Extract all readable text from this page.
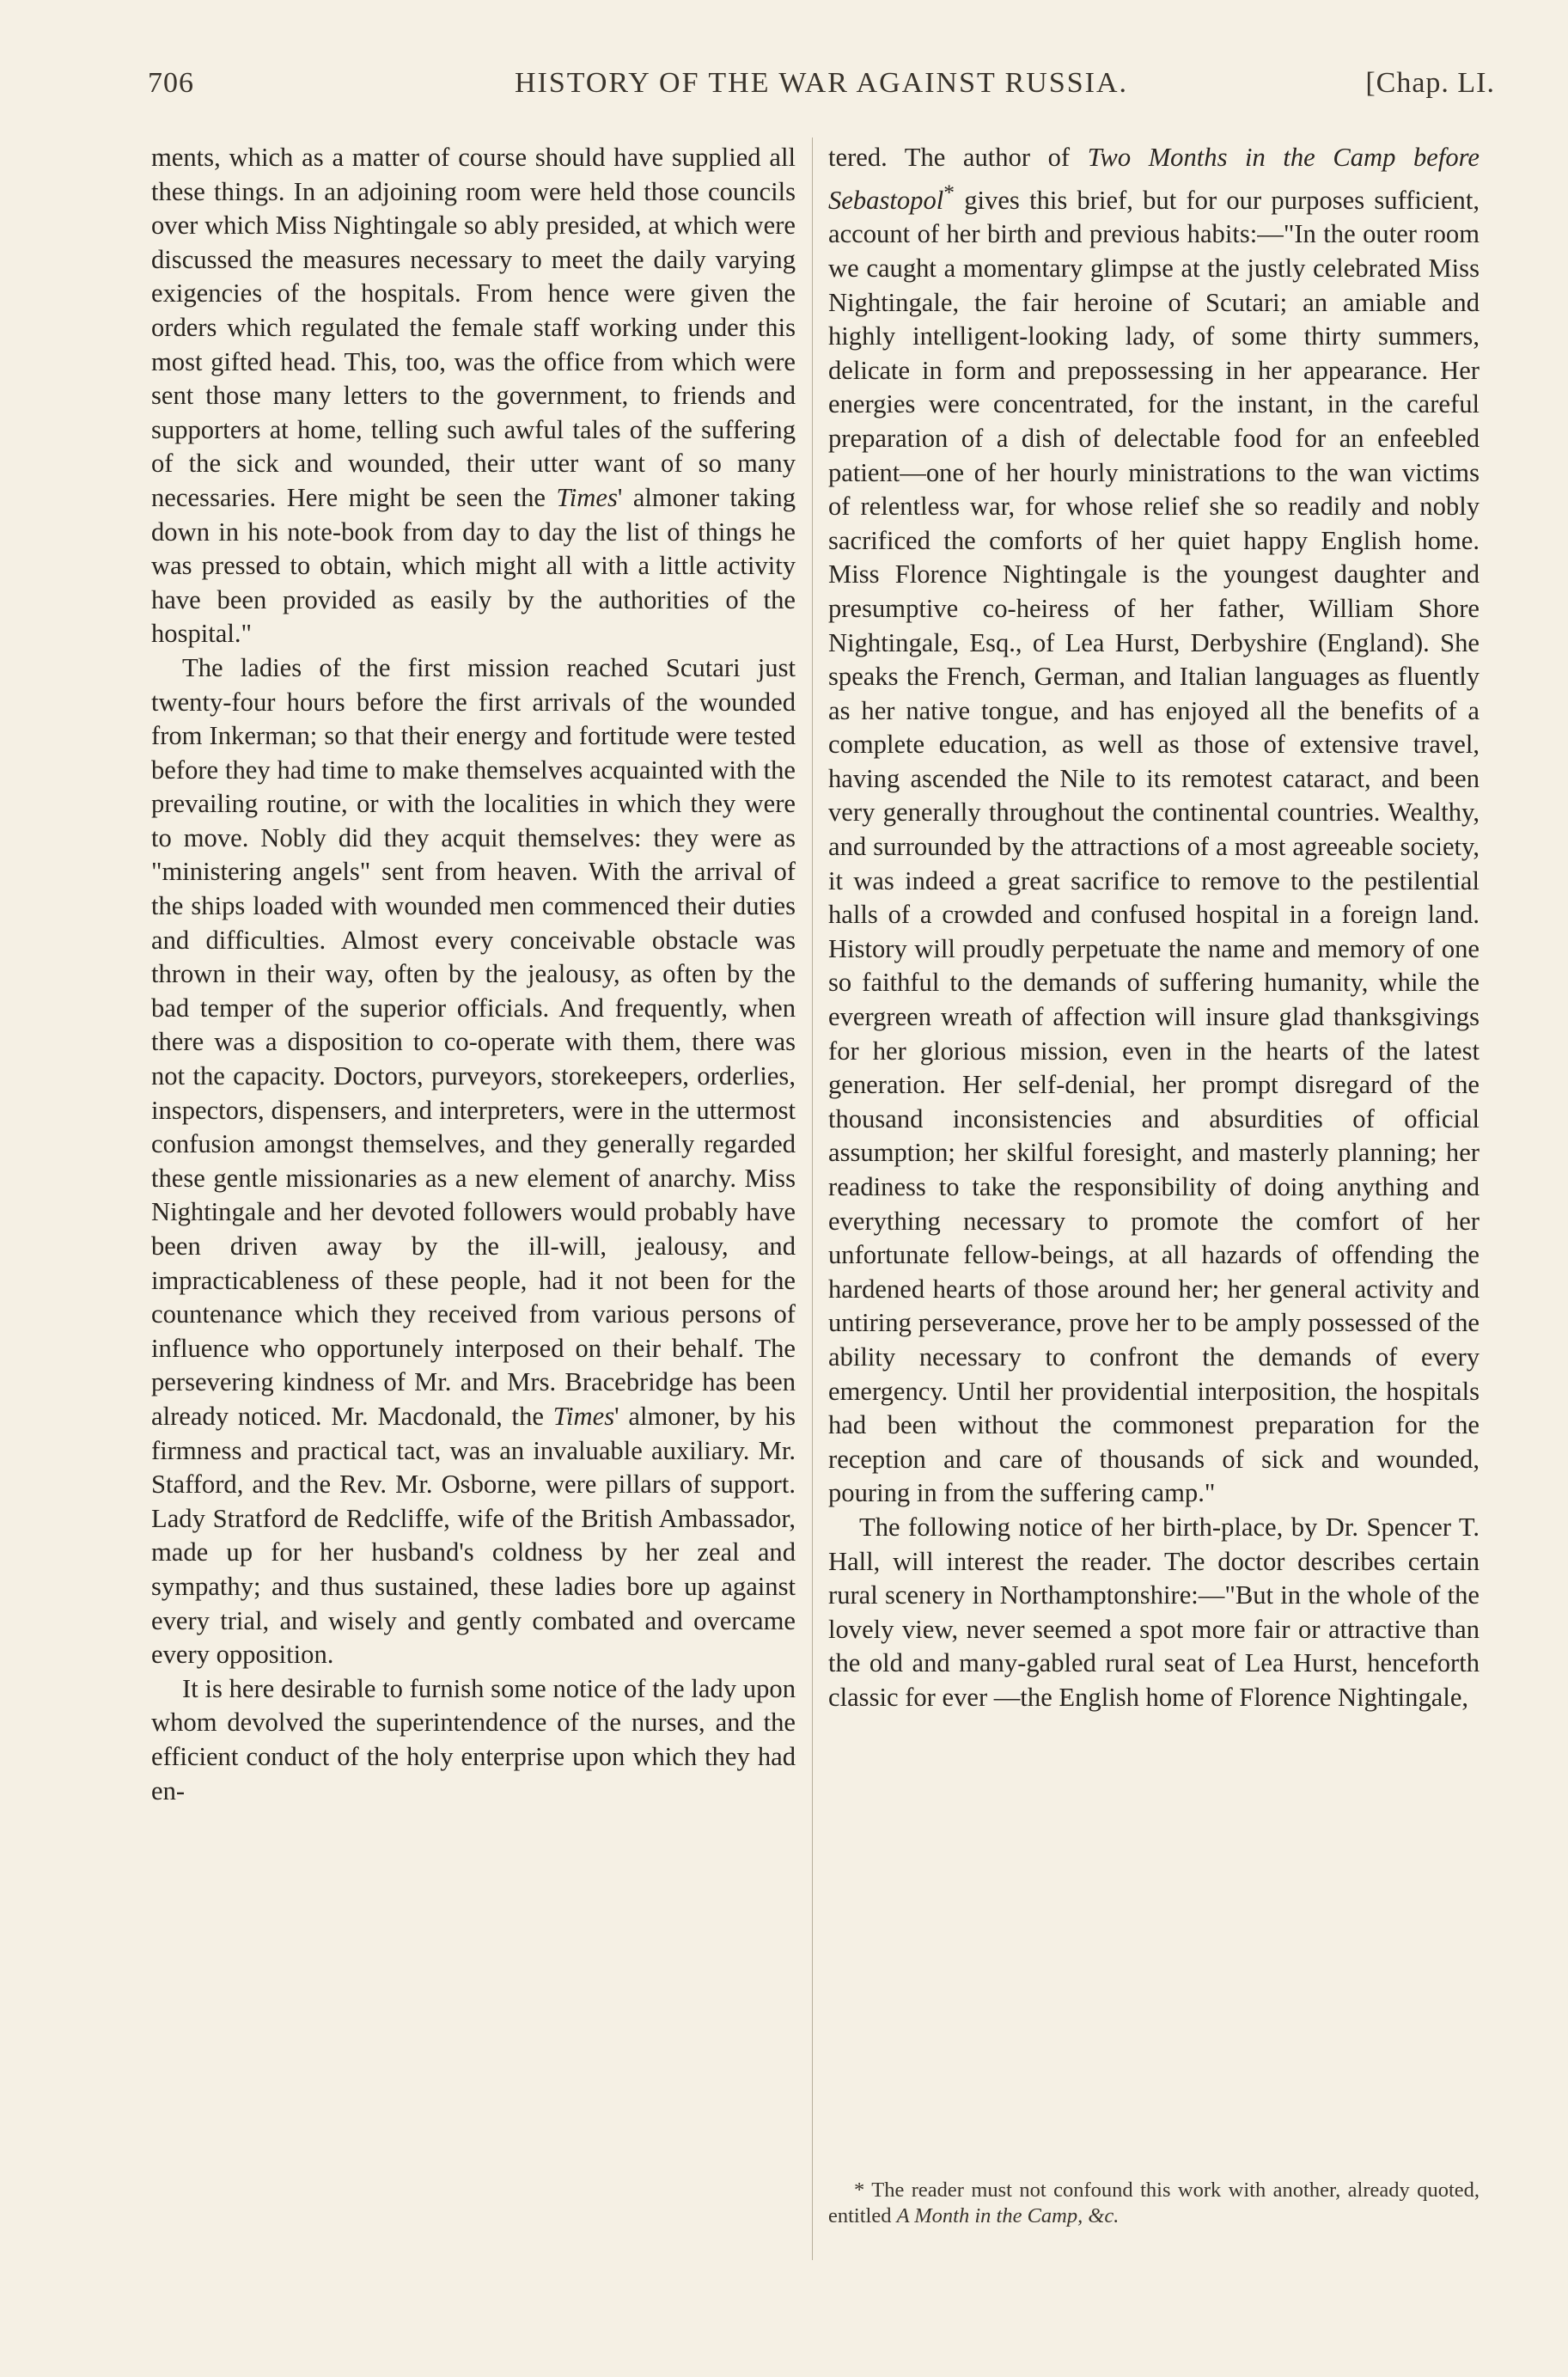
706	HISTORY OF THE WAR AGAINST RUSSIA.	[Chap. LI.

ments, which as a matter of course should have supplied all these things. In an adjoining room were held those councils over which Miss Nightingale so ably presided, at which were discussed the measures necessary to meet the daily varying exigencies of the hospitals. From hence were given the orders which regulated the female staff working under this most gifted head. This, too, was the office from which were sent those many letters to the government, to friends and supporters at home, telling such awful tales of the suffering of the sick and wounded, their utter want of so many necessaries. Here might be seen the Times' almoner taking down in his note-book from day to day the list of things he was pressed to obtain, which might all with a little activity have been provided as easily by the authorities of the hospital."

The ladies of the first mission reached Scutari just twenty-four hours before the first arrivals of the wounded from Inkerman; so that their energy and fortitude were tested before they had time to make themselves acquainted with the prevailing routine, or with the localities in which they were to move. Nobly did they acquit themselves: they were as "ministering angels" sent from heaven. With the arrival of the ships loaded with wounded men commenced their duties and difficulties. Almost every conceivable obstacle was thrown in their way, often by the jealousy, as often by the bad temper of the superior officials. And frequently, when there was a disposition to co-operate with them, there was not the capacity. Doctors, purveyors, storekeepers, orderlies, inspectors, dispensers, and interpreters, were in the uttermost confusion amongst themselves, and they generally regarded these gentle missionaries as a new element of anarchy. Miss Nightingale and her devoted followers would probably have been driven away by the ill-will, jealousy, and impracticableness of these people, had it not been for the countenance which they received from various persons of influence who opportunely interposed on their behalf. The persevering kindness of Mr. and Mrs. Bracebridge has been already noticed. Mr. Macdonald, the Times' almoner, by his firmness and practical tact, was an invaluable auxiliary. Mr. Stafford, and the Rev. Mr. Osborne, were pillars of support. Lady Stratford de Redcliffe, wife of the British Ambassador, made up for her husband's coldness by her zeal and sympathy; and thus sustained, these ladies bore up against every trial, and wisely and gently combated and overcame every opposition.

It is here desirable to furnish some notice of the lady upon whom devolved the superintendence of the nurses, and the efficient conduct of the holy enterprise upon which they had en-

tered. The author of Two Months in the Camp before Sebastopol* gives this brief, but for our purposes sufficient, account of her birth and previous habits:—"In the outer room we caught a momentary glimpse at the justly celebrated Miss Nightingale, the fair heroine of Scutari; an amiable and highly intelligent-looking lady, of some thirty summers, delicate in form and prepossessing in her appearance. Her energies were concentrated, for the instant, in the careful preparation of a dish of delectable food for an enfeebled patient—one of her hourly ministrations to the wan victims of relentless war, for whose relief she so readily and nobly sacrificed the comforts of her quiet happy English home. Miss Florence Nightingale is the youngest daughter and presumptive co-heiress of her father, William Shore Nightingale, Esq., of Lea Hurst, Derbyshire (England). She speaks the French, German, and Italian languages as fluently as her native tongue, and has enjoyed all the benefits of a complete education, as well as those of extensive travel, having ascended the Nile to its remotest cataract, and been very generally throughout the continental countries. Wealthy, and surrounded by the attractions of a most agreeable society, it was indeed a great sacrifice to remove to the pestilential halls of a crowded and confused hospital in a foreign land. History will proudly perpetuate the name and memory of one so faithful to the demands of suffering humanity, while the evergreen wreath of affection will insure glad thanksgivings for her glorious mission, even in the hearts of the latest generation. Her self-denial, her prompt disregard of the thousand inconsistencies and absurdities of official assumption; her skilful foresight, and masterly planning; her readiness to take the responsibility of doing anything and everything necessary to promote the comfort of her unfortunate fellow-beings, at all hazards of offending the hardened hearts of those around her; her general activity and untiring perseverance, prove her to be amply possessed of the ability necessary to confront the demands of every emergency. Until her providential interposition, the hospitals had been without the commonest preparation for the reception and care of thousands of sick and wounded, pouring in from the suffering camp."

The following notice of her birth-place, by Dr. Spencer T. Hall, will interest the reader. The doctor describes certain rural scenery in Northamptonshire:—"But in the whole of the lovely view, never seemed a spot more fair or attractive than the old and many-gabled rural seat of Lea Hurst, henceforth classic for ever —the English home of Florence Nightingale,

* The reader must not confound this work with another, already quoted, entitled A Month in the Camp, &c.
